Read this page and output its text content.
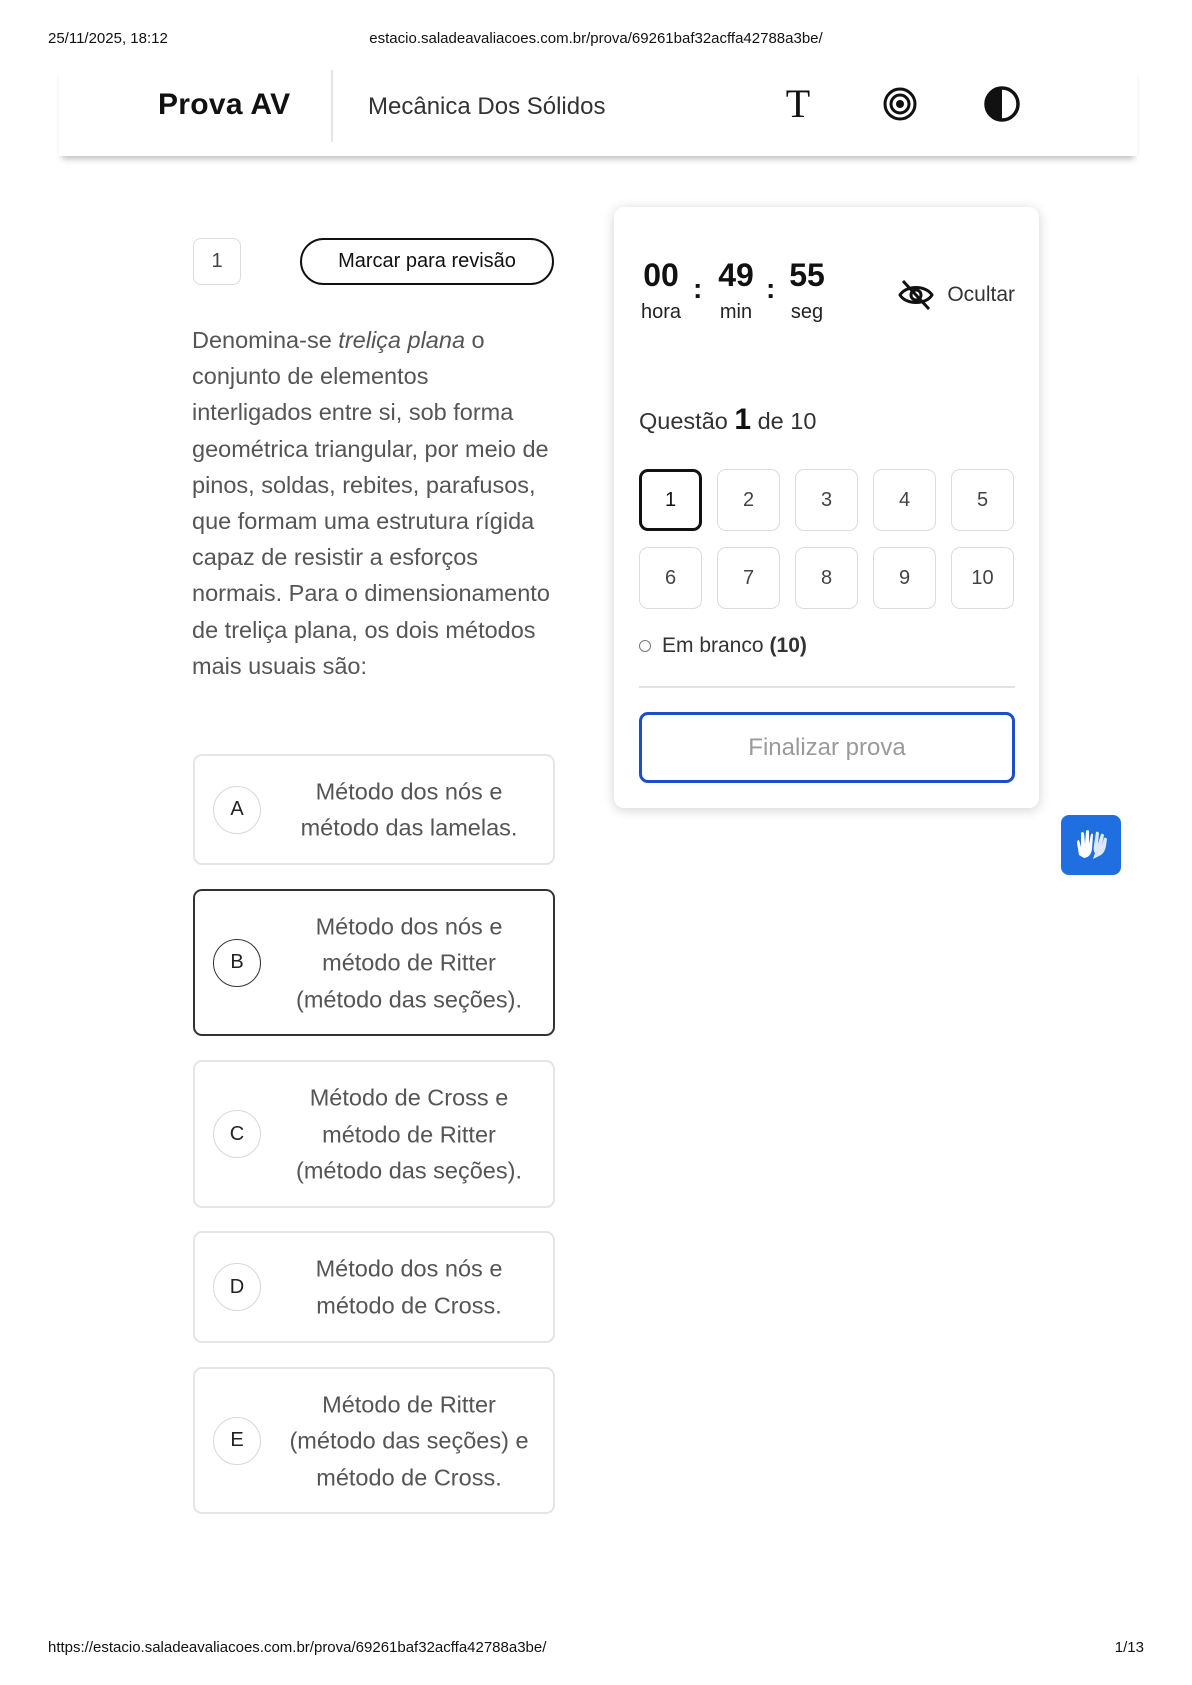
25/11/2025, 18:12	estacio.saladeavaliacoes.com.br/prova/69261baf32acffa42788a3be/
Prova AV	Mecânica Dos Sólidos	T
1	Marcar para revisão
Denomina-se treliça plana o conjunto de elementos interligados entre si, sob forma geométrica triangular, por meio de pinos, soldas, rebites, parafusos, que formam uma estrutura rígida capaz de resistir a esforços normais. Para o dimensionamento de treliça plana, os dois métodos mais usuais são:
A
Método dos nós e método das lamelas.
B
Método dos nós e método de Ritter (método das seções).
C
Método de Cross e método de Ritter (método das seções).
D
Método dos nós e método de Cross.
E
Método de Ritter (método das seções) e método de Cross.
00
hora
: 49
min
: 55
seg
Ocultar
Questão 1 de 10
1	2	3	4	5
6	7	8	9	10
Em branco (10)
Finalizar prova
https://estacio.saladeavaliacoes.com.br/prova/69261baf32acffa42788a3be/	1/13
